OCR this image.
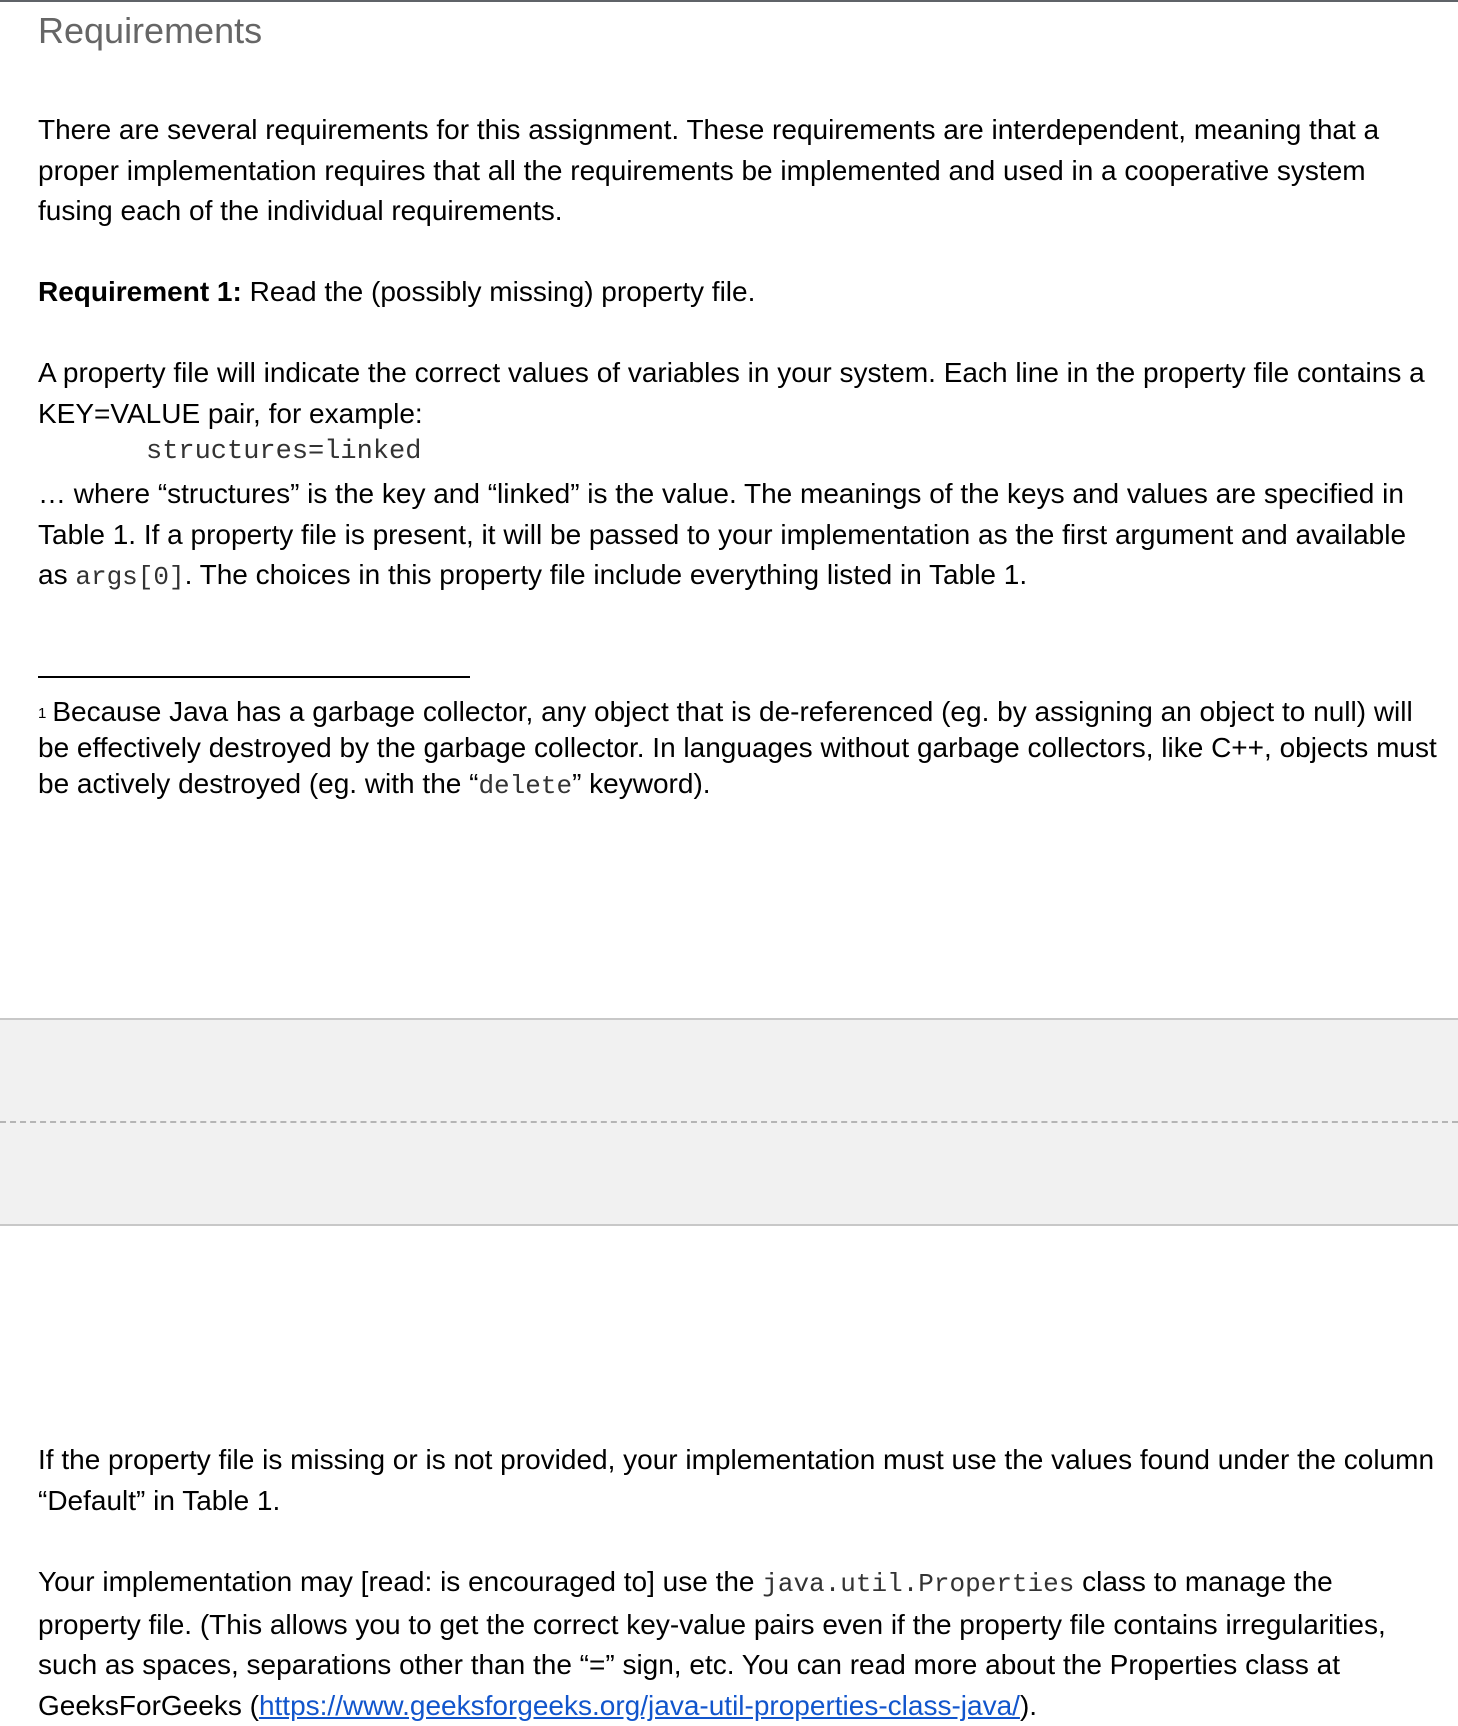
Requirements

There are several requirements for this assignment. These requirements are interdependent, meaning that a proper implementation requires that all the requirements be implemented and used in a cooperative system fusing each of the individual requirements.

Requirement 1: Read the (possibly missing) property file.

A property file will indicate the correct values of variables in your system. Each line in the property file contains a KEY=VALUE pair, for example:

structures=linked

… where “structures” is the key and “linked” is the value. The meanings of the keys and values are specified in Table 1. If a property file is present, it will be passed to your implementation as the first argument and available as args[0]. The choices in this property file include everything listed in Table 1.

$^1$ Because Java has a garbage collector, any object that is de-referenced (eg. by assigning an object to null) will be effectively destroyed by the garbage collector. In languages without garbage collectors, like C++, objects must be actively destroyed (eg. with the “delete” keyword).

If the property file is missing or is not provided, your implementation must use the values found under the column “Default” in Table 1.

Your implementation may [read: is encouraged to] use the java.util.Properties class to manage the property file. (This allows you to get the correct key-value pairs even if the property file contains irregularities, such as spaces, separations other than the “=” sign, etc. You can read more about the Properties class at GeeksForGeeks (https://www.geeksforgeeks.org/java-util-properties-class-java/).
